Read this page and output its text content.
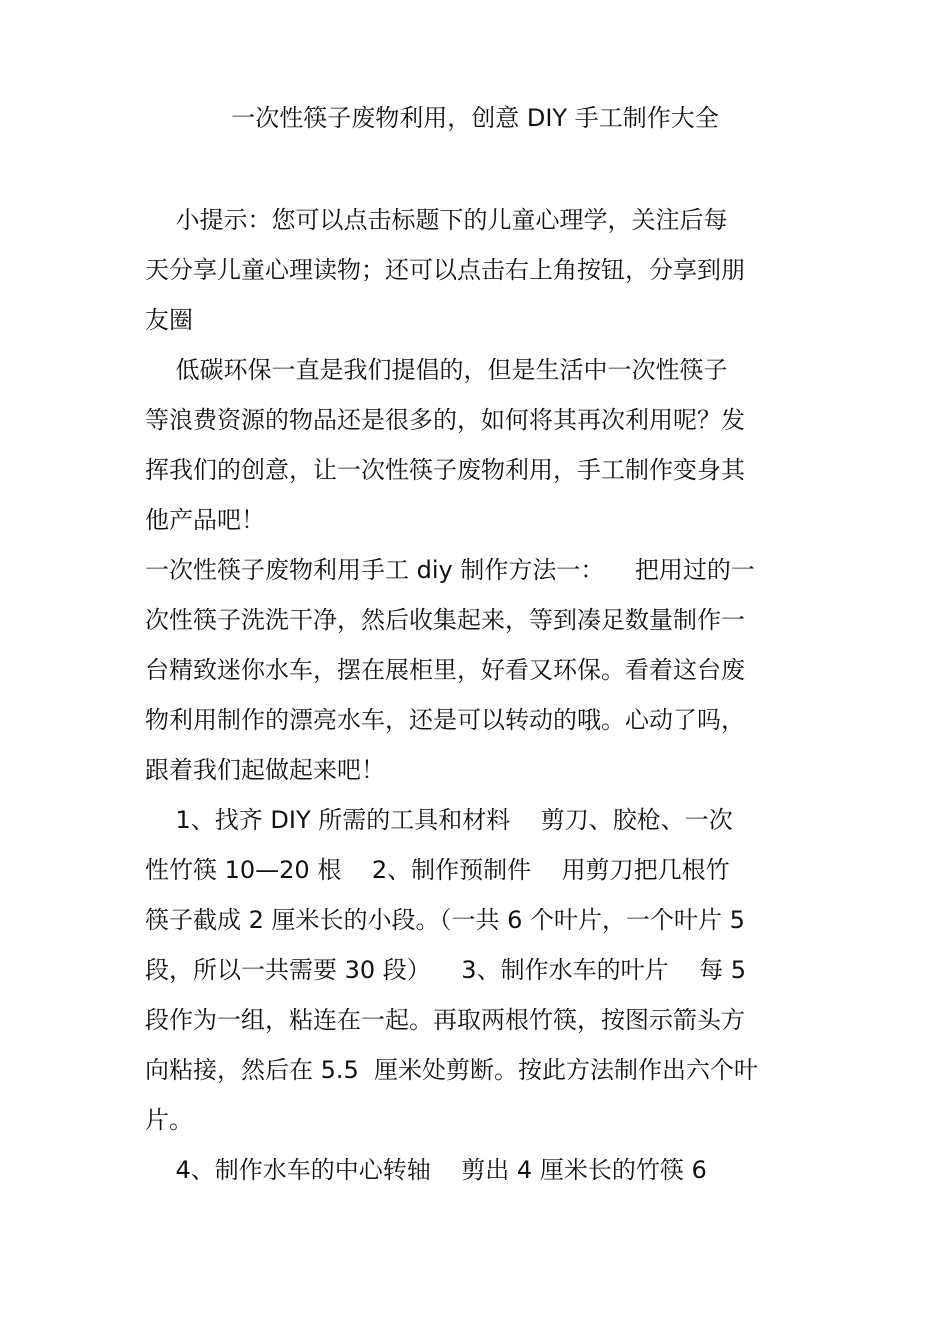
一次性筷子废物利用，创意 DIY 手工制作大全
小提示：您可以点击标题下的儿童心理学，关注后每
天分享儿童心理读物；还可以点击右上角按钮，分享到朋
友圈
低碳环保一直是我们提倡的，但是生活中一次性筷子
等浪费资源的物品还是很多的，如何将其再次利用呢？发
挥我们的创意，让一次性筷子废物利用，手工制作变身其
他产品吧！
一次性筷子废物利用手工 diy 制作方法一：    把用过的一
次性筷子洗洗干净，然后收集起来，等到凑足数量制作一
台精致迷你水车，摆在展柜里，好看又环保。看着这台废
物利用制作的漂亮水车，还是可以转动的哦。心动了吗，
跟着我们起做起来吧！
1、找齐 DIY 所需的工具和材料    剪刀、胶枪、一次
性竹筷 10—20 根    2、制作预制件    用剪刀把几根竹
筷子截成 2 厘米长的小段。（一共 6 个叶片，一个叶片 5
段，所以一共需要 30 段）    3、制作水车的叶片    每 5
段作为一组，粘连在一起。再取两根竹筷，按图示箭头方
向粘接，然后在 5.5  厘米处剪断。按此方法制作出六个叶
片。
4、制作水车的中心转轴    剪出 4 厘米长的竹筷 6
